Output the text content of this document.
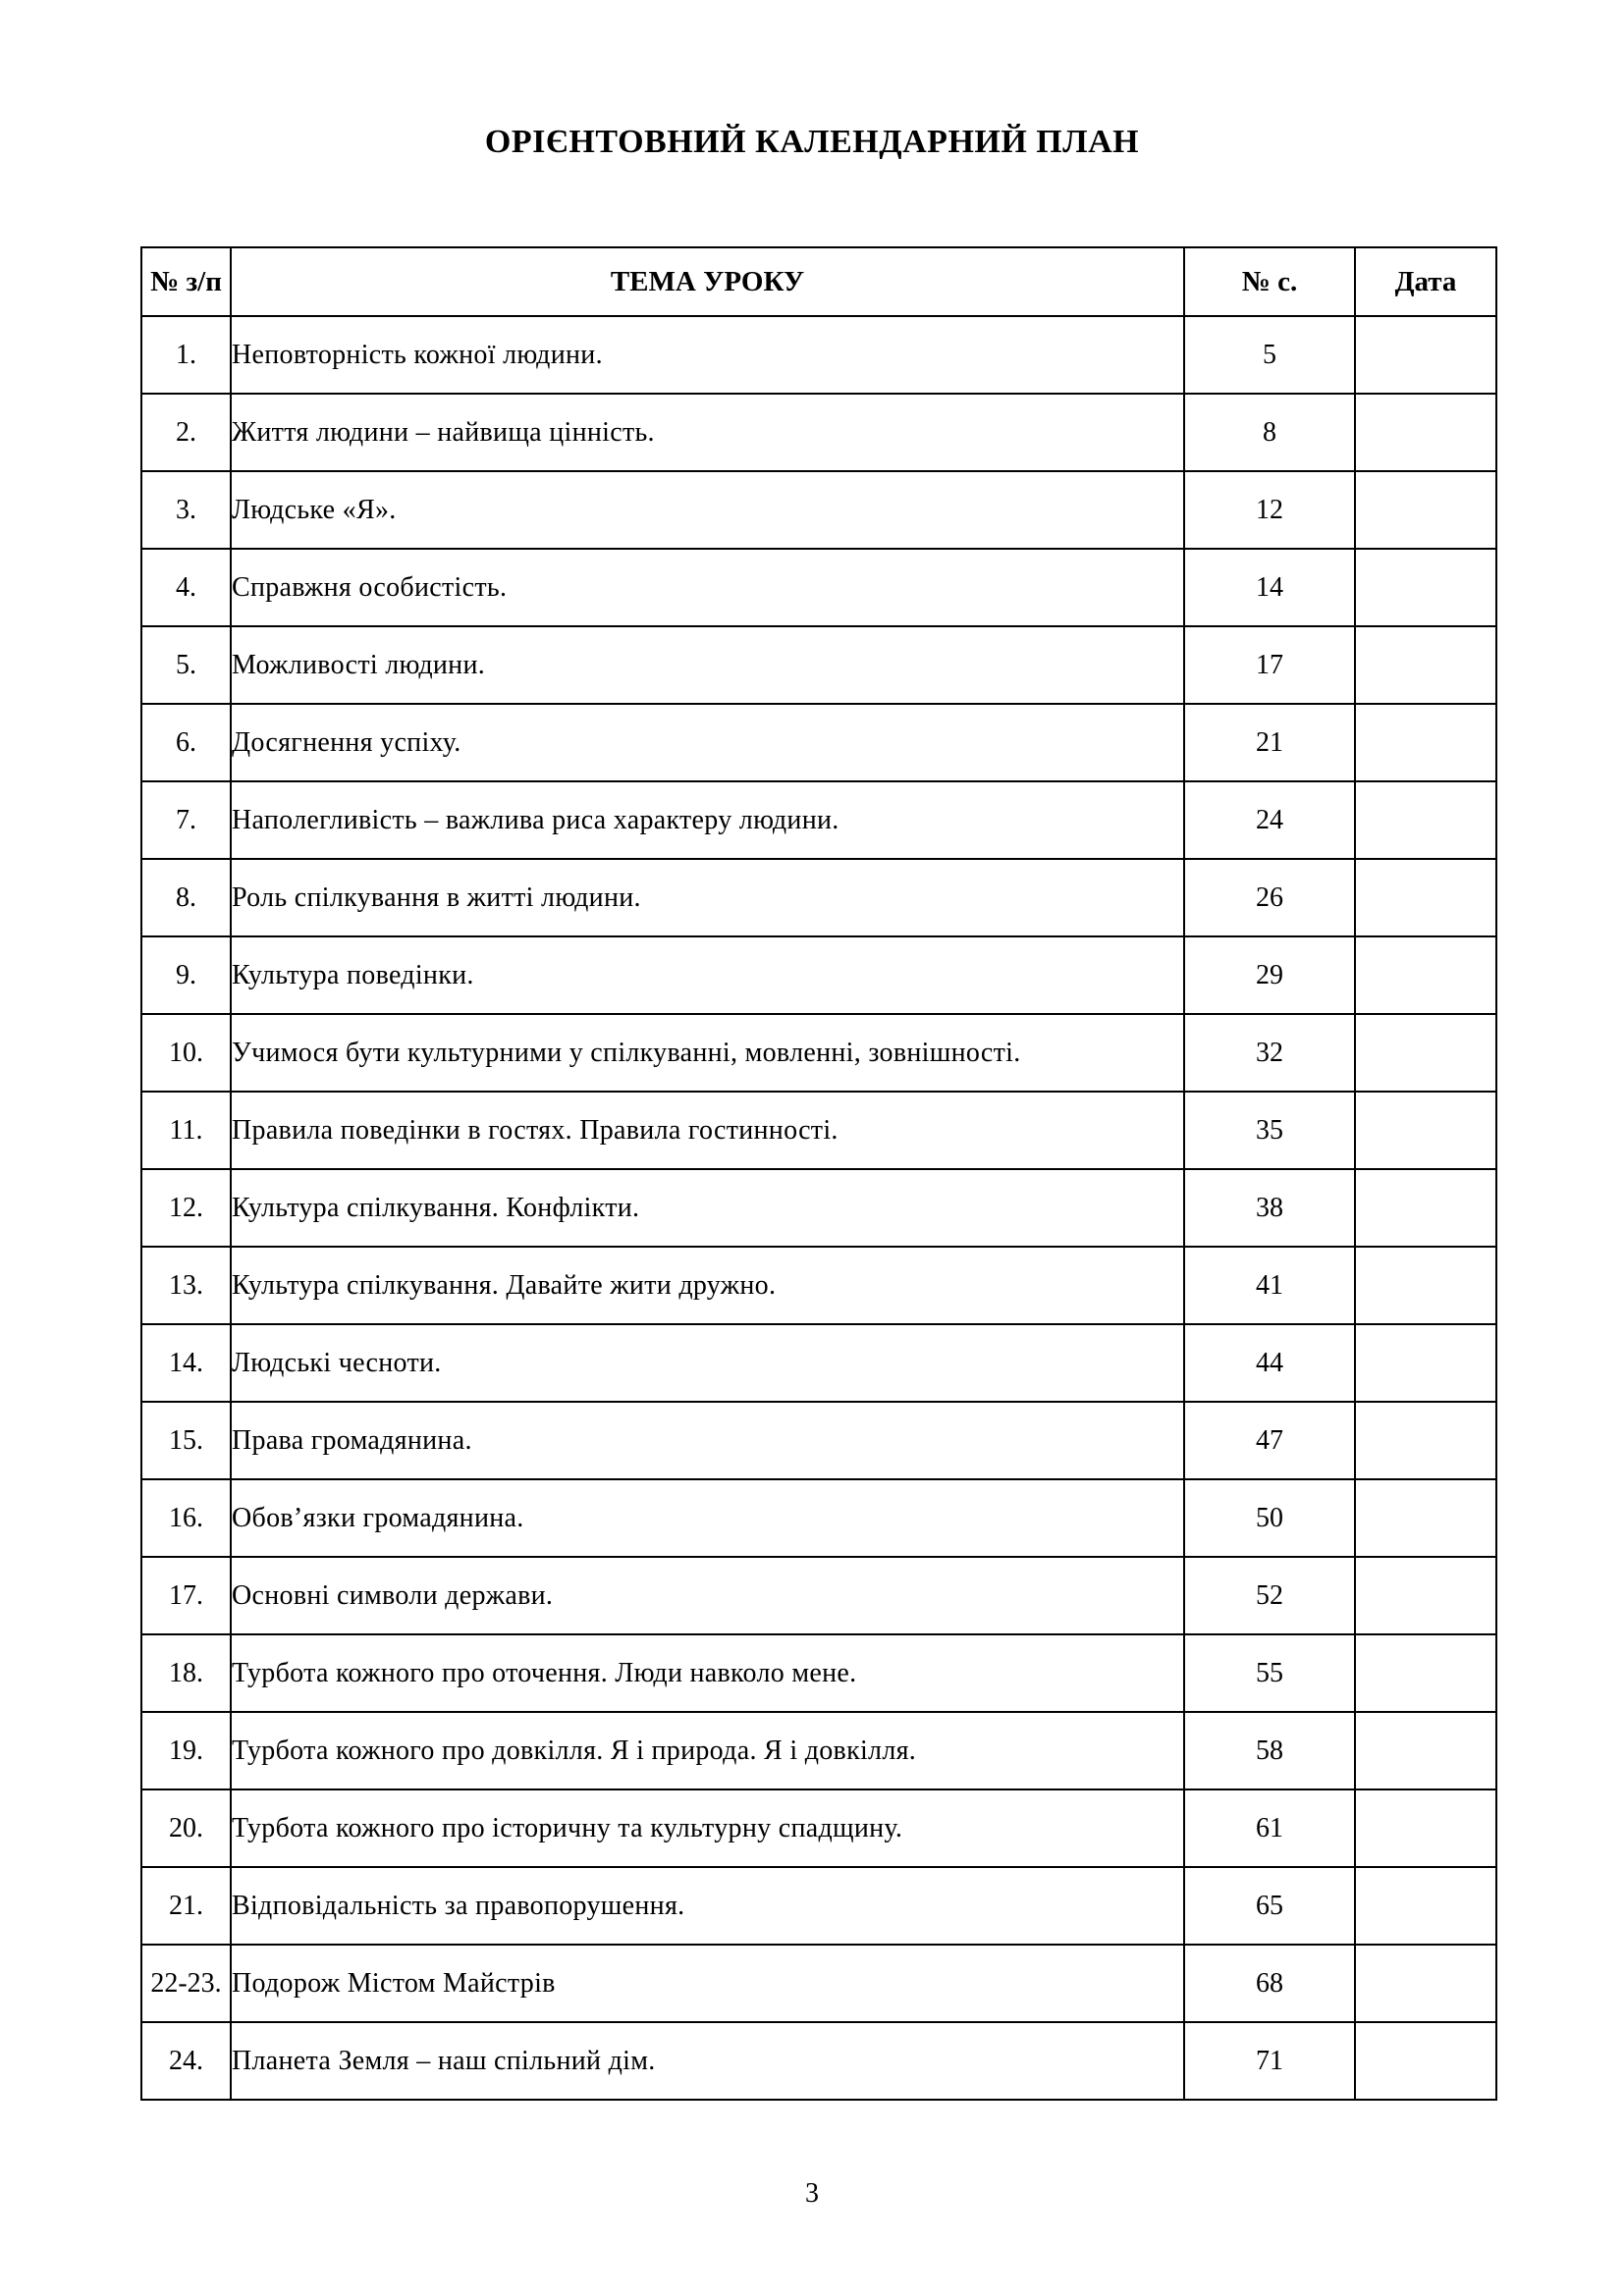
ОРІЄНТОВНИЙ КАЛЕНДАРНИЙ ПЛАН
№ з/п	ТЕМА УРОКУ	№ с.	Дата
1.	Неповторність кожної людини.	5	
2.	Життя людини – найвища цінність.	8	
3.	Людське «Я».	12	
4.	Справжня особистість.	14	
5.	Можливості людини.	17	
6.	Досягнення успіху.	21	
7.	Наполегливість – важлива риса характеру людини.	24	
8.	Роль спілкування в житті людини.	26	
9.	Культура поведінки.	29	
10.	Учимося бути культурними у спілкуванні, мовленні, зовнішності.	32	
11.	Правила поведінки в гостях. Правила гостинності.	35	
12.	Культура спілкування. Конфлікти.	38	
13.	Культура спілкування. Давайте жити дружно.	41	
14.	Людські чесноти.	44	
15.	Права громадянина.	47	
16.	Обов’язки громадянина.	50	
17.	Основні символи держави.	52	
18.	Турбота кожного про оточення. Люди навколо мене.	55	
19.	Турбота кожного про довкілля. Я і природа. Я і довкілля.	58	
20.	Турбота кожного про історичну та культурну спадщину.	61	
21.	Відповідальність за правопорушення.	65	
22-23.	Подорож Містом Майстрів	68	
24.	Планета Земля – наш спільний дім.	71	
3
